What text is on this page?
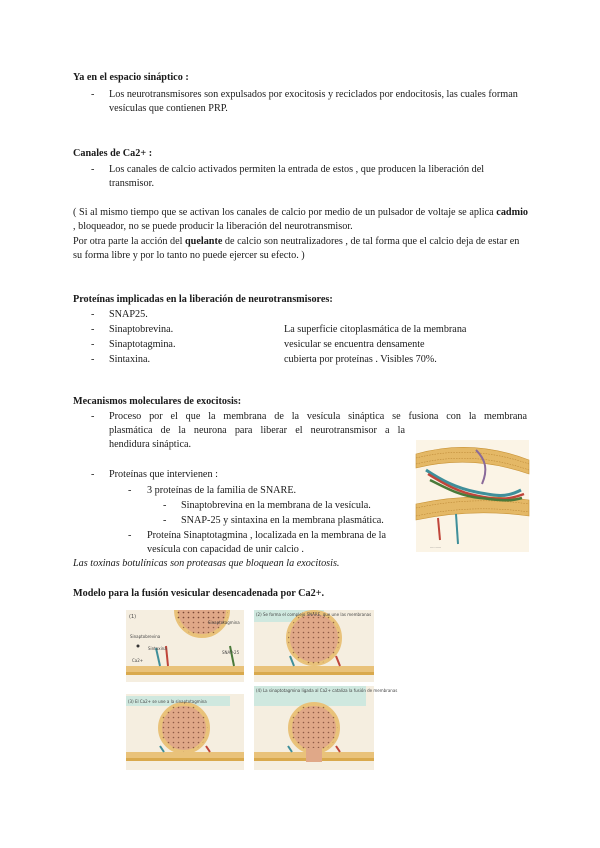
Ya en el espacio sináptico :
- Los neurotransmisores son expulsados por exocitosis y reciclados por endocitosis, las cuales forman vesículas que contienen PRP.
Canales de Ca2+ :
- Los canales de calcio activados permiten la entrada de estos , que producen la liberación del transmisor.
( Si al mismo tiempo que se activan los canales de calcio por medio de un pulsador de voltaje se aplica cadmio , bloqueador, no se puede producir la liberación del neurotransmisor.
Por otra parte la acción del quelante de calcio son neutralizadores , de tal forma que el calcio deja de estar en su forma libre y por lo tanto no puede ejercer su efecto. )
Proteínas implicadas en la liberación de neurotransmisores:
- SNAP25.
- Sinaptobrevina.
- Sinaptotagmina.
- Sintaxina.
La superficie citoplasmática de la membrana
vesicular se encuentra densamente
cubierta por proteínas . Visibles 70%.
Mecanismos moleculares de exocitosis:
- Proceso por el que la membrana de la vesícula sináptica se fusiona con la membrana
plasmática de la neurona para liberar el neurotransmisor a la
hendidura sináptica.
- Proteínas que intervienen :
- 3 proteínas de la familia de SNARE.
- Sinaptobrevina en la membrana de la vesícula.
- SNAP-25 y sintaxina en la membrana plasmática.
- Proteína Sinaptotagmina , localizada en la membrana de la
vesícula con capacidad de unir calcio .
Las toxinas botulínicas son proteasas que bloquean la exocitosis.
..........
Modelo para la fusión vesicular desencadenada por Ca2+.
(1)
Sinaptotagmina
Sinaptobrevina
Sintaxina
SNAP-25
Ca2+
(2) Se forma el complejo SNARE, que une las membranas
(3) El Ca2+ se une a la sinaptotagmina
(4) La sinaptotagmina ligada al Ca2+ cataliza la fusión de membranas
